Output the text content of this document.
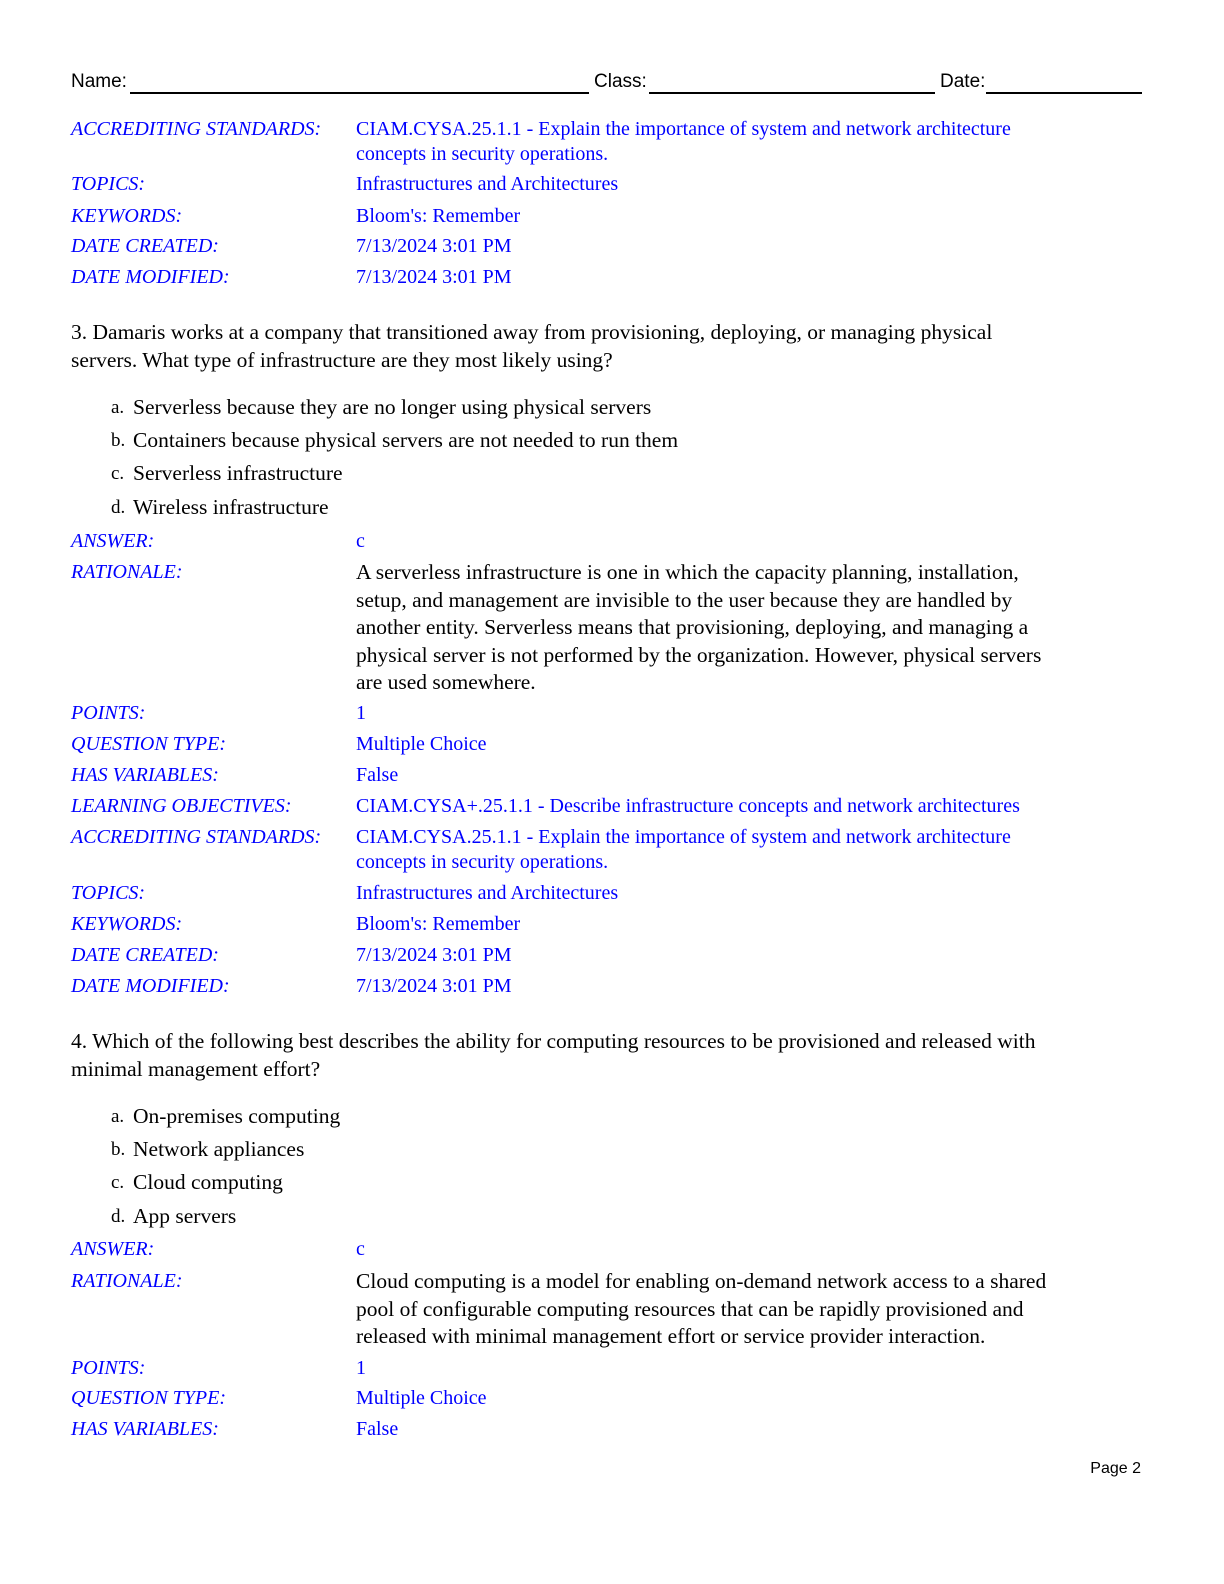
Name:	Class:	Date:
ACCREDITING STANDARDS: CIAM.CYSA.25.1.1 - Explain the importance of system and network architecture
concepts in security operations.
TOPICS:	Infrastructures and Architectures
KEYWORDS:	Bloom's: Remember
DATE CREATED:	7/13/2024 3:01 PM
DATE MODIFIED:	7/13/2024 3:01 PM
3. Damaris works at a company that transitioned away from provisioning, deploying, or managing physical
servers. What type of infrastructure are they most likely using?
a. Serverless because they are no longer using physical servers
b. Containers because physical servers are not needed to run them
c. Serverless infrastructure
d. Wireless infrastructure
ANSWER:	c
RATIONALE:	A serverless infrastructure is one in which the capacity planning, installation,
setup, and management are invisible to the user because they are handled by
another entity. Serverless means that provisioning, deploying, and managing a
physical server is not performed by the organization. However, physical servers
are used somewhere.
POINTS:	1
QUESTION TYPE:	Multiple Choice
HAS VARIABLES:	False
LEARNING OBJECTIVES:	CIAM.CYSA+.25.1.1 - Describe infrastructure concepts and network architectures
ACCREDITING STANDARDS: CIAM.CYSA.25.1.1 - Explain the importance of system and network architecture
concepts in security operations.
TOPICS:	Infrastructures and Architectures
KEYWORDS:	Bloom's: Remember
DATE CREATED:	7/13/2024 3:01 PM
DATE MODIFIED:	7/13/2024 3:01 PM
4. Which of the following best describes the ability for computing resources to be provisioned and released with
minimal management effort?
a. On-premises computing
b. Network appliances
c. Cloud computing
d. App servers
ANSWER:	c
RATIONALE:	Cloud computing is a model for enabling on-demand network access to a shared
pool of configurable computing resources that can be rapidly provisioned and
released with minimal management effort or service provider interaction.
POINTS:	1
QUESTION TYPE:	Multiple Choice
HAS VARIABLES:	False
Page 2
